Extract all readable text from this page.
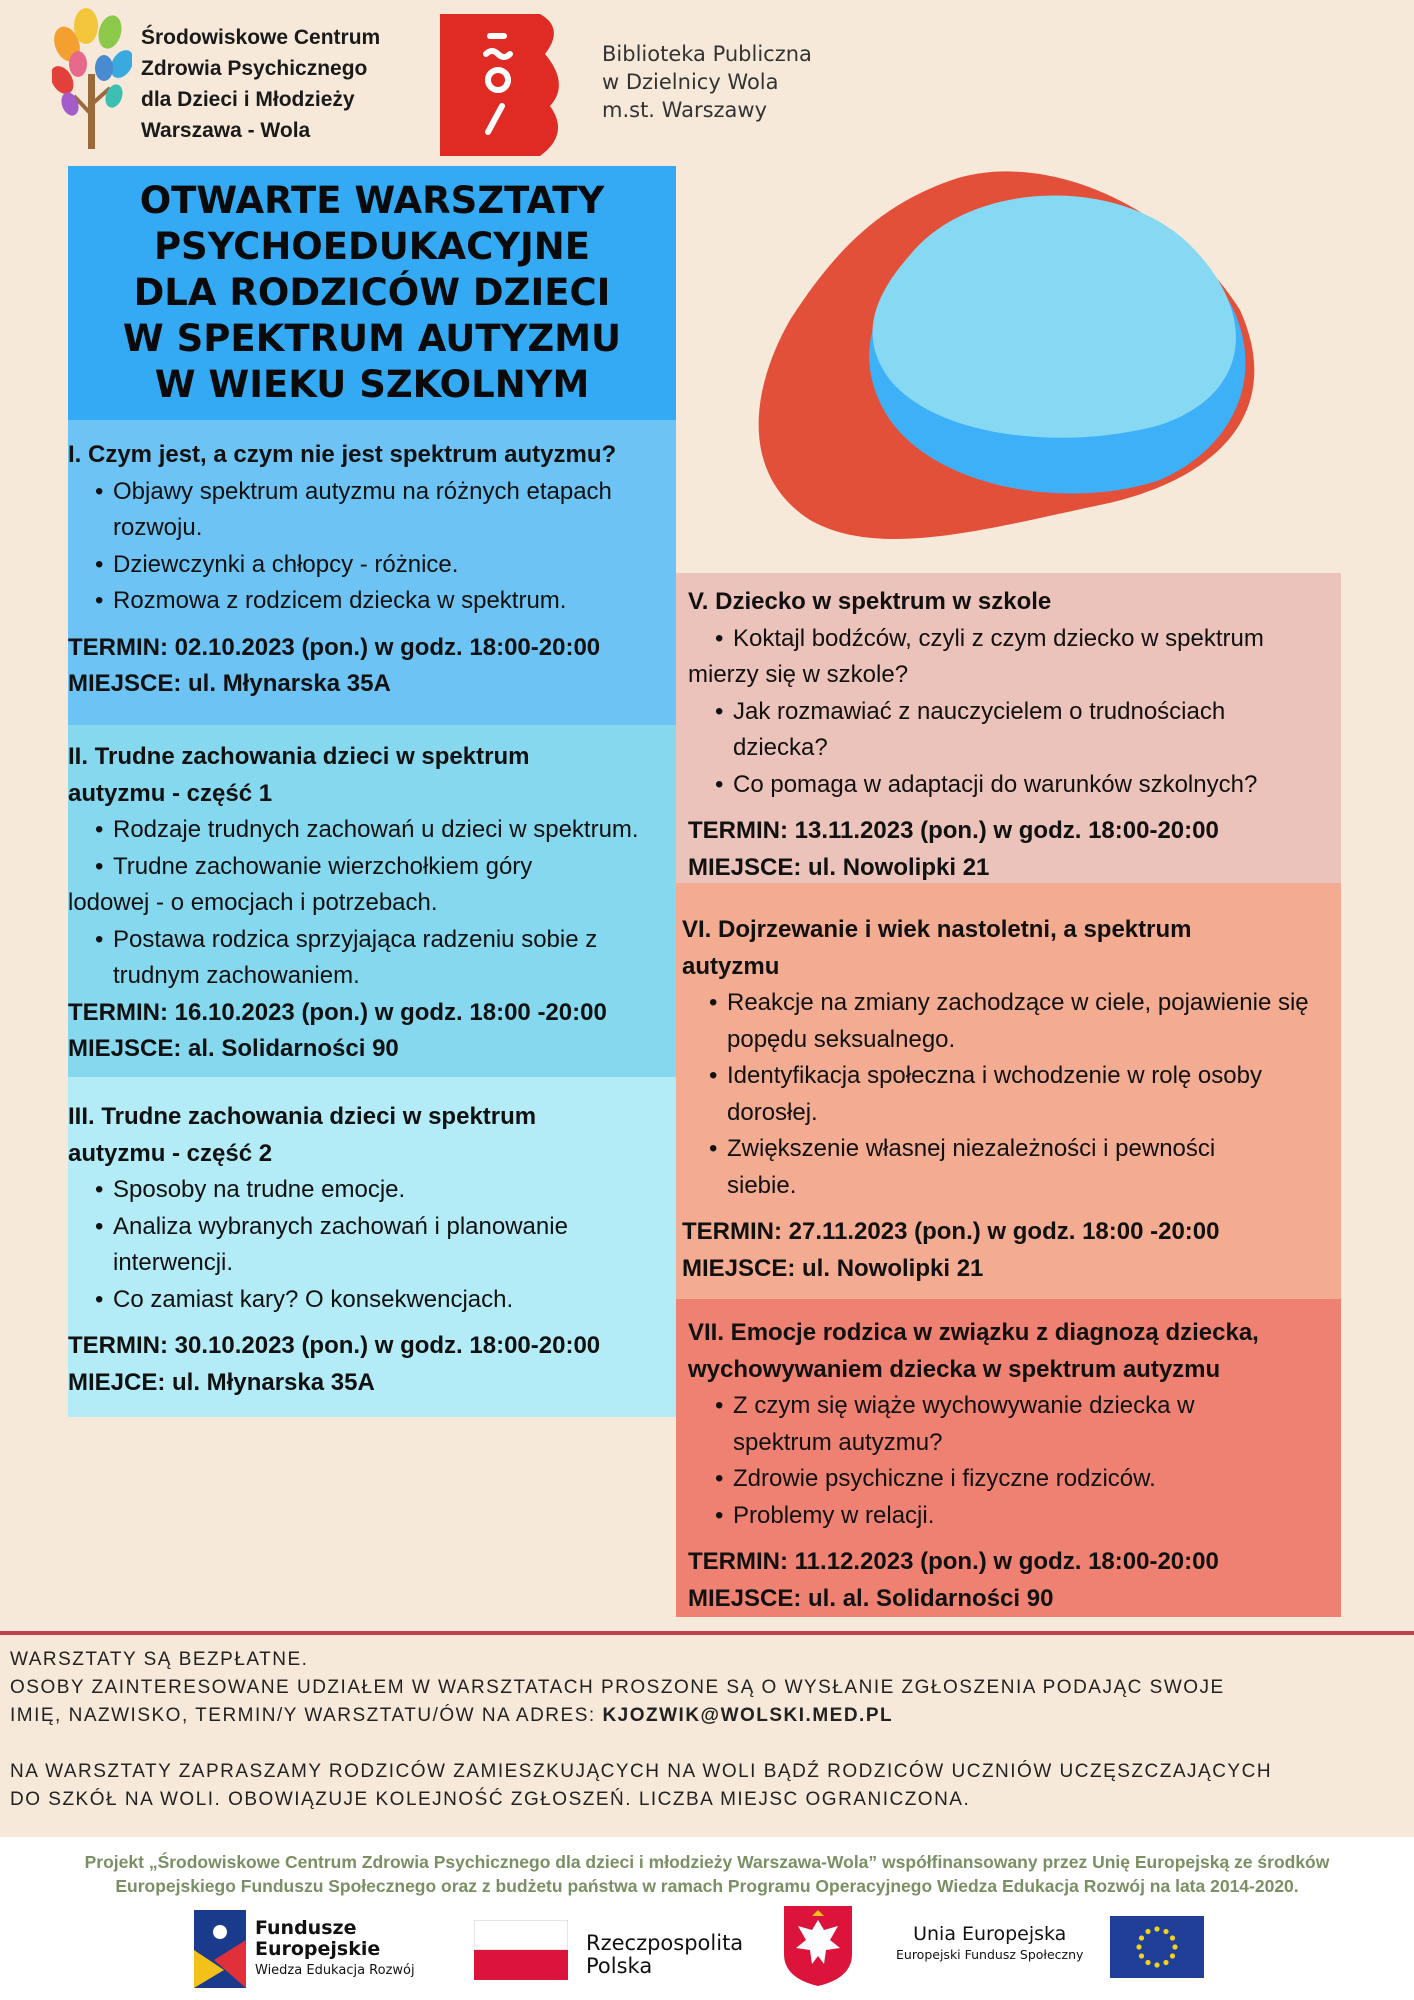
Środowiskowe Centrum
Zdrowia Psychicznego
dla Dzieci i Młodzieży
Warszawa - Wola
Biblioteka Publiczna
w Dzielnicy Wola
m.st. Warszawy
OTWARTE WARSZTATY
PSYCHOEDUKACYJNE
DLA RODZICÓW DZIECI
W SPEKTRUM AUTYZMU
W WIEKU SZKOLNYM
I. Czym jest, a czym nie jest spektrum autyzmu?
• Objawy spektrum autyzmu na różnych etapach rozwoju.
• Dziewczynki a chłopcy - różnice.
• Rozmowa z rodzicem dziecka w spektrum.
TERMIN: 02.10.2023 (pon.) w godz. 18:00-20:00
MIEJSCE: ul. Młynarska 35A
II. Trudne zachowania dzieci w spektrum autyzmu - część 1
• Rodzaje trudnych zachowań u dzieci w spektrum.
• Trudne zachowanie wierzchołkiem góry
lodowej - o emocjach i potrzebach.
• Postawa rodzica sprzyjająca radzeniu sobie z trudnym zachowaniem.
TERMIN: 16.10.2023 (pon.) w godz. 18:00 -20:00
MIEJSCE: al. Solidarności 90
III. Trudne zachowania dzieci w spektrum autyzmu - część 2
• Sposoby na trudne emocje.
• Analiza wybranych zachowań i planowanie interwencji.
• Co zamiast kary? O konsekwencjach.
TERMIN: 30.10.2023 (pon.) w godz. 18:00-20:00
MIEJCE: ul. Młynarska 35A
V. Dziecko w spektrum w szkole
• Koktajl bodźców, czyli z czym dziecko w spektrum
mierzy się w szkole?
• Jak rozmawiać z nauczycielem o trudnościach dziecka?
• Co pomaga w adaptacji do warunków szkolnych?
TERMIN: 13.11.2023 (pon.) w godz. 18:00-20:00
MIEJSCE: ul. Nowolipki 21
VI. Dojrzewanie i wiek nastoletni, a spektrum autyzmu
• Reakcje na zmiany zachodzące w ciele, pojawienie się popędu seksualnego.
• Identyfikacja społeczna i wchodzenie w rolę osoby dorosłej.
• Zwiększenie własnej niezależności i pewności siebie.
TERMIN: 27.11.2023 (pon.) w godz. 18:00 -20:00
MIEJSCE: ul. Nowolipki 21
VII. Emocje rodzica w związku z diagnozą dziecka, wychowywaniem dziecka w spektrum autyzmu
• Z czym się wiąże wychowywanie dziecka w spektrum autyzmu?
• Zdrowie psychiczne i fizyczne rodziców.
• Problemy w relacji.
TERMIN: 11.12.2023 (pon.) w godz. 18:00-20:00
MIEJSCE: ul. al. Solidarności 90
WARSZTATY SĄ BEZPŁATNE.
OSOBY ZAINTERESOWANE UDZIAŁEM W WARSZTATACH PROSZONE SĄ O WYSŁANIE ZGŁOSZENIA PODAJĄC SWOJE
IMIĘ, NAZWISKO, TERMIN/Y WARSZTATU/ÓW NA ADRES: KJOZWIK@WOLSKI.MED.PL
NA WARSZTATY ZAPRASZAMY RODZICÓW ZAMIESZKUJĄCYCH NA WOLI BĄDŹ RODZICÓW UCZNIÓW UCZĘSZCZAJĄCYCH
DO SZKÓŁ NA WOLI. OBOWIĄZUJE KOLEJNOŚĆ ZGŁOSZEŃ. LICZBA MIEJSC OGRANICZONA.
Projekt „Środowiskowe Centrum Zdrowia Psychicznego dla dzieci i młodzieży Warszawa-Wola” współfinansowany przez Unię Europejską ze środków
Europejskiego Funduszu Społecznego oraz z budżetu państwa w ramach Programu Operacyjnego Wiedza Edukacja Rozwój na lata 2014-2020.
Fundusze
Europejskie
Wiedza Edukacja Rozwój
Rzeczpospolita
Polska
Unia Europejska
Europejski Fundusz Społeczny
